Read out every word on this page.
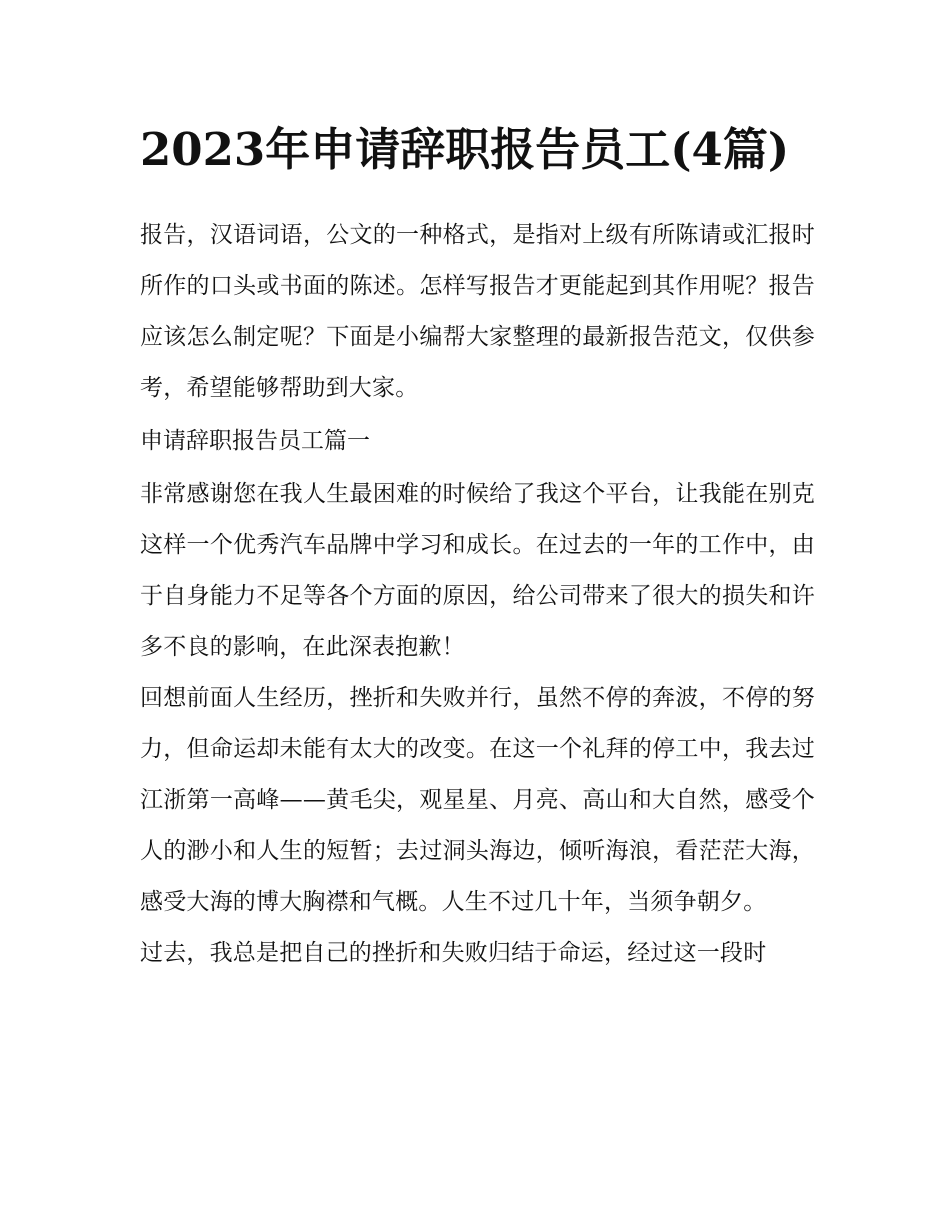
2023年申请辞职报告员工(4篇)

报告，汉语词语，公文的一种格式，是指对上级有所陈请或汇报时所作的口头或书面的陈述。怎样写报告才更能起到其作用呢？报告应该怎么制定呢？下面是小编帮大家整理的最新报告范文，仅供参考，希望能够帮助到大家。

申请辞职报告员工篇一

非常感谢您在我人生最困难的时候给了我这个平台，让我能在别克这样一个优秀汽车品牌中学习和成长。在过去的一年的工作中，由于自身能力不足等各个方面的原因，给公司带来了很大的损失和许多不良的影响，在此深表抱歉！

回想前面人生经历，挫折和失败并行，虽然不停的奔波，不停的努力，但命运却未能有太大的改变。在这一个礼拜的停工中，我去过江浙第一高峰——黄毛尖，观星星、月亮、高山和大自然，感受个人的渺小和人生的短暂；去过洞头海边，倾听海浪，看茫茫大海，感受大海的博大胸襟和气概。人生不过几十年，当须争朝夕。

过去，我总是把自己的挫折和失败归结于命运，经过这一段时
